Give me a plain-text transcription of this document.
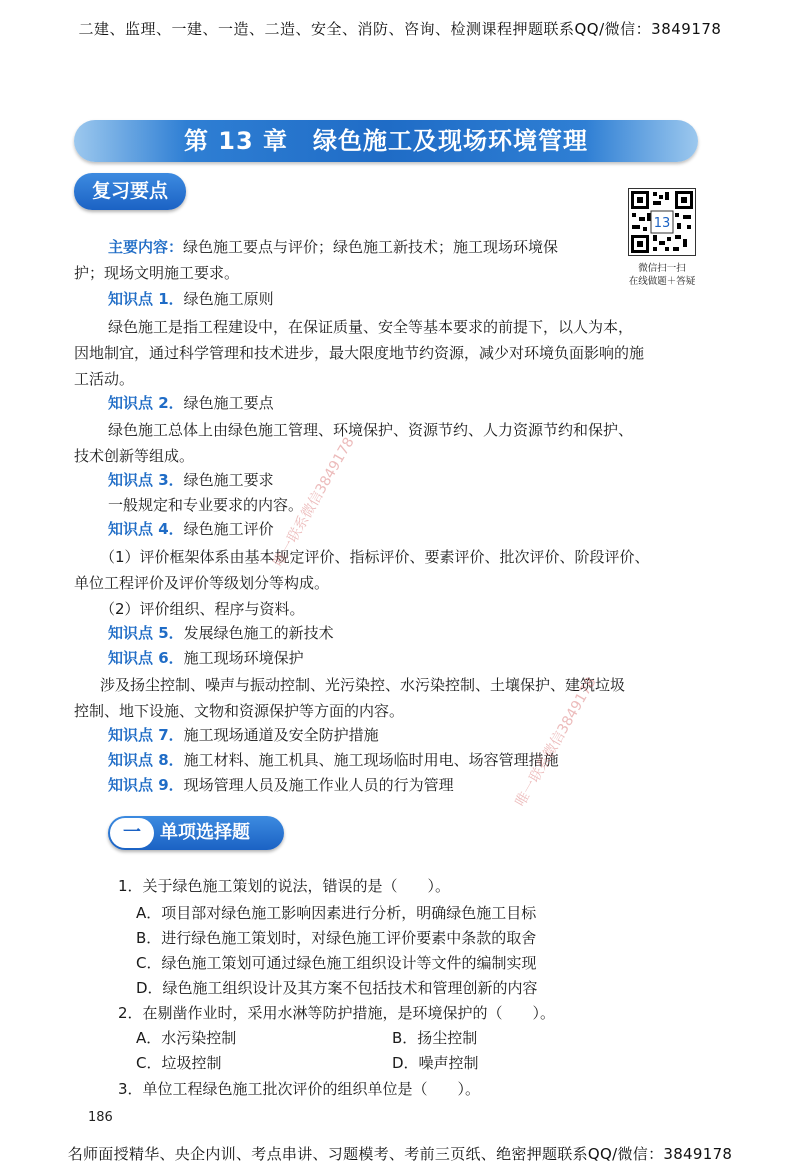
二建、监理、一建、一造、二造、安全、消防、咨询、检测课程押题联系QQ/微信：3849178
第 13 章　绿色施工及现场环境管理
复习要点
13
微信扫一扫
在线做题＋答疑
主要内容：绿色施工要点与评价；绿色施工新技术；施工现场环境保
护；现场文明施工要求。
知识点 1．绿色施工原则
绿色施工是指工程建设中，在保证质量、安全等基本要求的前提下，以人为本，
因地制宜，通过科学管理和技术进步，最大限度地节约资源，减少对环境负面影响的施
工活动。
知识点 2．绿色施工要点
绿色施工总体上由绿色施工管理、环境保护、资源节约、人力资源节约和保护、
技术创新等组成。
知识点 3．绿色施工要求
一般规定和专业要求的内容。
知识点 4．绿色施工评价
（1）评价框架体系由基本规定评价、指标评价、要素评价、批次评价、阶段评价、
单位工程评价及评价等级划分等构成。
（2）评价组织、程序与资料。
知识点 5．发展绿色施工的新技术
知识点 6．施工现场环境保护
涉及扬尘控制、噪声与振动控制、光污染控、水污染控制、土壤保护、建筑垃圾
控制、地下设施、文物和资源保护等方面的内容。
知识点 7．施工现场通道及安全防护措施
知识点 8．施工材料、施工机具、施工现场临时用电、场容管理措施
知识点 9．现场管理人员及施工作业人员的行为管理
一	单项选择题
1．关于绿色施工策划的说法，错误的是（　　）。
A．项目部对绿色施工影响因素进行分析，明确绿色施工目标
B．进行绿色施工策划时，对绿色施工评价要素中条款的取舍
C．绿色施工策划可通过绿色施工组织设计等文件的编制实现
D．绿色施工组织设计及其方案不包括技术和管理创新的内容
2．在剔凿作业时，采用水淋等防护措施，是环境保护的（　　）。
A．水污染控制	B．扬尘控制
C．垃圾控制	D．噪声控制
3．单位工程绿色施工批次评价的组织单位是（　　）。
186
名师面授精华、央企内训、考点串讲、习题模考、考前三页纸、绝密押题联系QQ/微信：3849178
唯一联系微信3849178
唯一联系微信3849178
